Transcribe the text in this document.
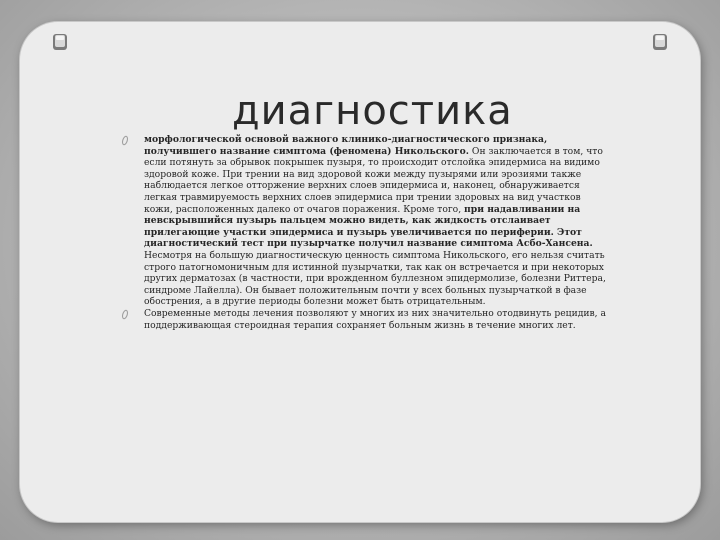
диагностика
морфологической основой важного клинико-диагностического признака, получившего название симптома (феномена) Никольского. Он заключается в том, что если потянуть за обрывок покрышек пузыря, то происходит отслойка эпидермиса на видимо здоровой коже. При трении на вид здоровой кожи между пузырями или эрозиями также наблюдается легкое отторжение верхних слоев эпидермиса и, наконец, обнаруживается легкая травмируемость верхних слоев эпидермиса при трении здоровых на вид участков кожи, расположенных далеко от очагов поражения. Кроме того, при надавливании на невскрывшийся пузырь пальцем можно видеть, как жидкость отслаивает прилегающие участки эпидермиса и пузырь увеличивается по периферии. Этот диагностический тест при пузырчатке получил название симптома Асбо-Хансена. Несмотря на большую диагностическую ценность симптома Никольского, его нельзя считать строго патогномоничным для истинной пузырчатки, так как он встречается и при некоторых других дерматозах (в частности, при врожденном буллезном эпидермолизе, болезни Риттера, синдроме Лайелла). Он бывает положительным почти у всех больных пузырчаткой в фазе обострения, а в другие периоды болезни может быть отрицательным.
Современные методы лечения позволяют у многих из них значительно отодвинуть рецидив, а поддерживающая стероидная терапия сохраняет больным жизнь в течение многих лет.
